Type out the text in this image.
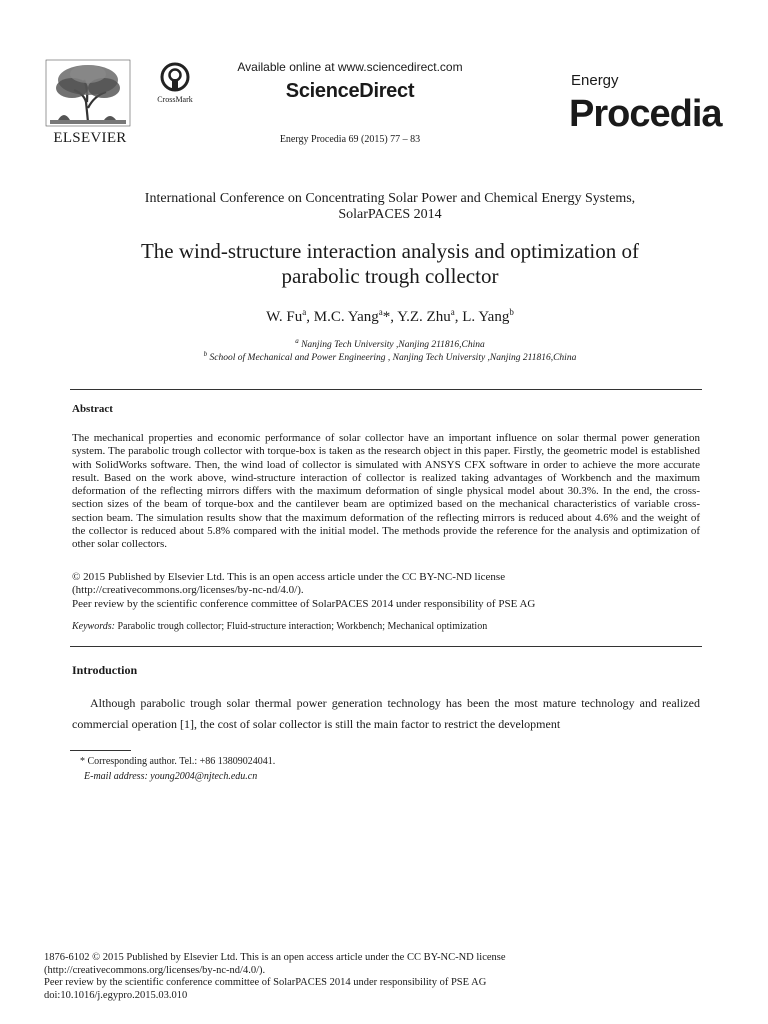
ELSEVIER
CrossMark
Available online at www.sciencedirect.com
ScienceDirect
Energy Procedia 69 (2015) 77 – 83
Energy
Procedia
International Conference on Concentrating Solar Power and Chemical Energy Systems,
SolarPACES 2014
The wind-structure interaction analysis and optimization of
parabolic trough collector
W. Fu$^a$, M.C. Yang$^a$*, Y.Z. Zhu$^a$, L. Yang$^b$
$^a$ Nanjing Tech University ,Nanjing 211816,China
$^b$ School of Mechanical and Power Engineering , Nanjing Tech University ,Nanjing 211816,China
Abstract
The mechanical properties and economic performance of solar collector have an important influence on solar thermal power generation system. The parabolic trough collector with torque-box is taken as the research object in this paper. Firstly, the geometric model is established with SolidWorks software. Then, the wind load of collector is simulated with ANSYS CFX software in order to achieve the more accurate result. Based on the work above, wind-structure interaction of collector is realized taking advantages of Workbench and the maximum deformation of the reflecting mirrors differs with the maximum deformation of single physical model about 30.3%. In the end, the cross-section sizes of the beam of torque-box and the cantilever beam are optimized based on the mechanical characteristics of variable cross-section beam. The simulation results show that the maximum deformation of the reflecting mirrors is reduced about 4.6% and the weight of the collector is reduced about 5.8% compared with the initial model. The methods provide the reference for the analysis and optimization of other solar collectors.
© 2015 Published by Elsevier Ltd. This is an open access article under the CC BY-NC-ND license
(http://creativecommons.org/licenses/by-nc-nd/4.0/).
Peer review by the scientific conference committee of SolarPACES 2014 under responsibility of PSE AG
Keywords: Parabolic trough collector; Fluid-structure interaction; Workbench; Mechanical optimization
Introduction
Although parabolic trough solar thermal power generation technology has been the most mature technology and realized commercial operation [1], the cost of solar collector is still the main factor to restrict the development
* Corresponding author. Tel.: +86 13809024041.
E-mail address: young2004@njtech.edu.cn
1876-6102 © 2015 Published by Elsevier Ltd. This is an open access article under the CC BY-NC-ND license
(http://creativecommons.org/licenses/by-nc-nd/4.0/).
Peer review by the scientific conference committee of SolarPACES 2014 under responsibility of PSE AG
doi:10.1016/j.egypro.2015.03.010
